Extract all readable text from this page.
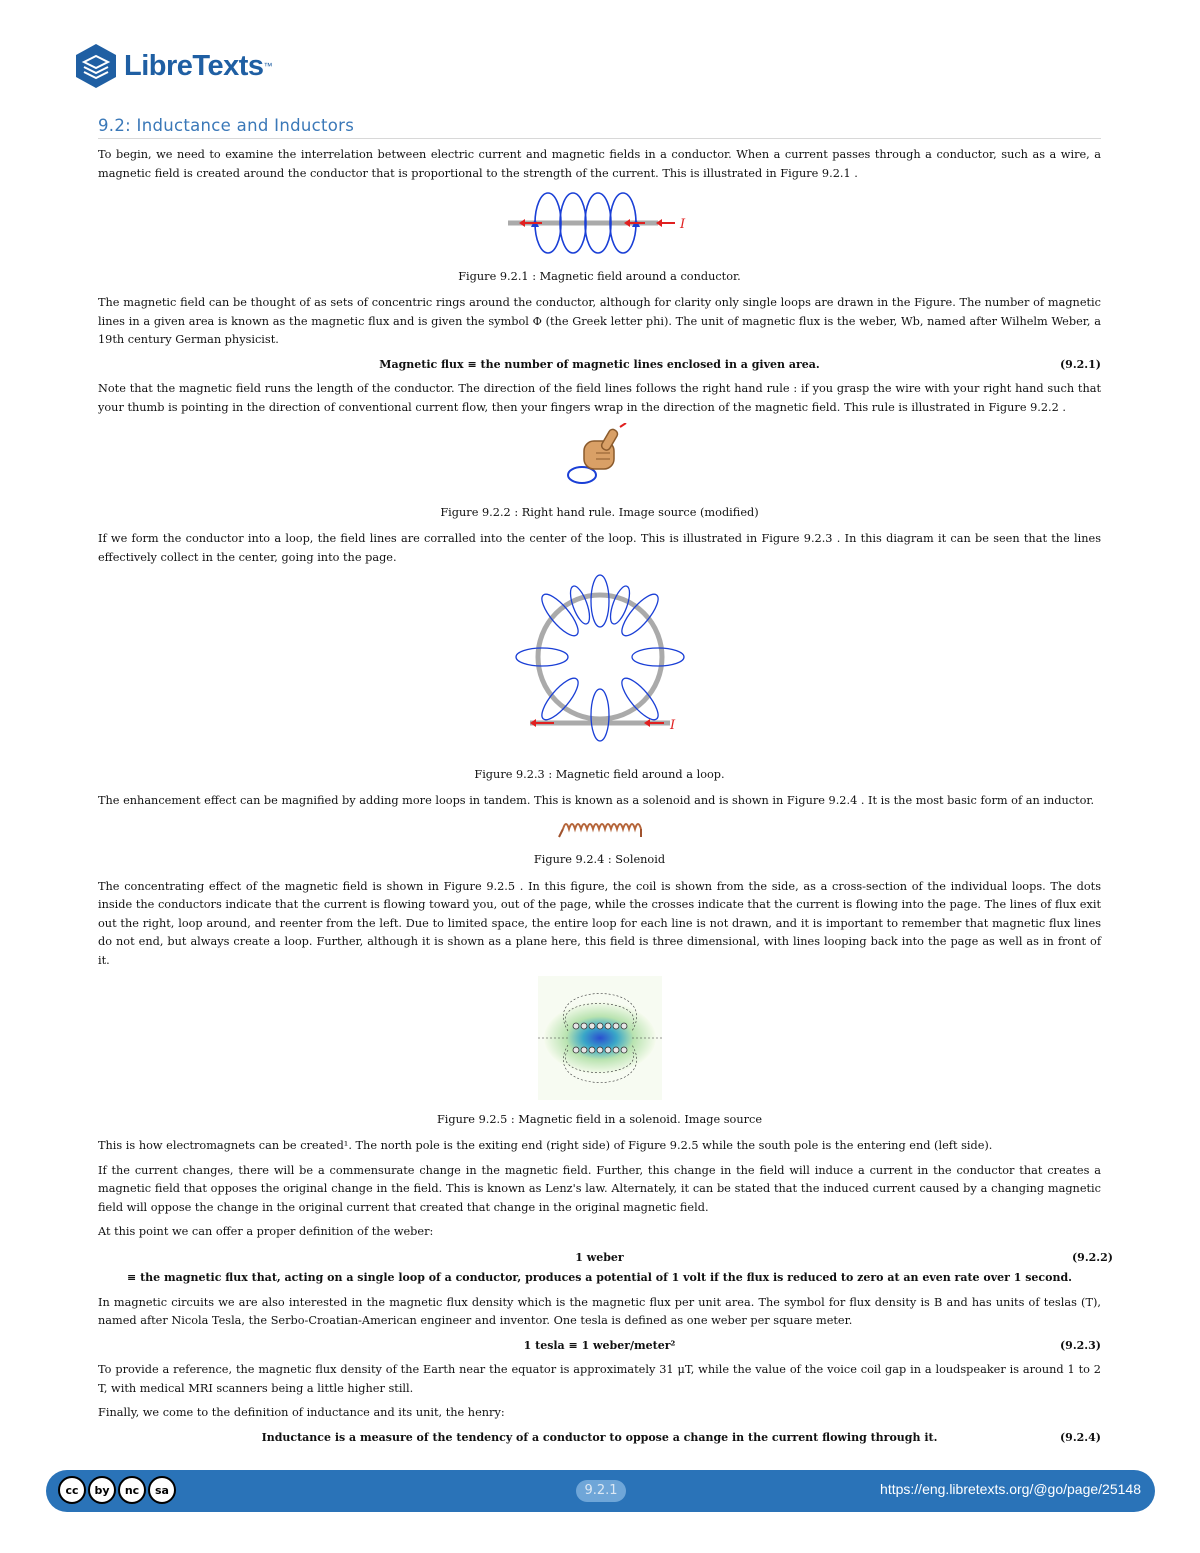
LibreTexts ™
9.2: Inductance and Inductors

To begin, we need to examine the interrelation between electric current and magnetic fields in a conductor. When a current passes through a conductor, such as a wire, a magnetic field is created around the conductor that is proportional to the strength of the current. This is illustrated in Figure 9.2.1 .

I
Figure 9.2.1 : Magnetic field around a conductor.

The magnetic field can be thought of as sets of concentric rings around the conductor, although for clarity only single loops are drawn in the Figure. The number of magnetic lines in a given area is known as the magnetic flux and is given the symbol Φ (the Greek letter phi). The unit of magnetic flux is the weber, Wb, named after Wilhelm Weber, a 19th century German physicist.

Magnetic flux ≡ the number of magnetic lines enclosed in a given area.	(9.2.1)

Note that the magnetic field runs the length of the conductor. The direction of the field lines follows the right hand rule : if you grasp the wire with your right hand such that your thumb is pointing in the direction of conventional current flow, then your fingers wrap in the direction of the magnetic field. This rule is illustrated in Figure 9.2.2 .

Figure 9.2.2 : Right hand rule. Image source (modified)

If we form the conductor into a loop, the field lines are corralled into the center of the loop. This is illustrated in Figure 9.2.3 . In this diagram it can be seen that the lines effectively collect in the center, going into the page.

I
Figure 9.2.3 : Magnetic field around a loop.

The enhancement effect can be magnified by adding more loops in tandem. This is known as a solenoid and is shown in Figure 9.2.4 . It is the most basic form of an inductor.

Figure 9.2.4 : Solenoid

The concentrating effect of the magnetic field is shown in Figure 9.2.5 . In this figure, the coil is shown from the side, as a cross-section of the individual loops. The dots inside the conductors indicate that the current is flowing toward you, out of the page, while the crosses indicate that the current is flowing into the page. The lines of flux exit out the right, loop around, and reenter from the left. Due to limited space, the entire loop for each line is not drawn, and it is important to remember that magnetic flux lines do not end, but always create a loop. Further, although it is shown as a plane here, this field is three dimensional, with lines looping back into the page as well as in front of it.

Figure 9.2.5 : Magnetic field in a solenoid. Image source

This is how electromagnets can be created¹. The north pole is the exiting end (right side) of Figure 9.2.5 while the south pole is the entering end (left side).

If the current changes, there will be a commensurate change in the magnetic field. Further, this change in the field will induce a current in the conductor that creates a magnetic field that opposes the original change in the field. This is known as Lenz's law. Alternately, it can be stated that the induced current caused by a changing magnetic field will oppose the change in the original current that created that change in the original magnetic field.

At this point we can offer a proper definition of the weber:

1 weber
≡ the magnetic flux that, acting on a single loop of a conductor, produces a potential of 1 volt if the flux is reduced to zero at an even rate over 1 second.
(9.2.2)

In magnetic circuits we are also interested in the magnetic flux density which is the magnetic flux per unit area. The symbol for flux density is B and has units of teslas (T), named after Nicola Tesla, the Serbo-Croatian-American engineer and inventor. One tesla is defined as one weber per square meter.

1 tesla ≡ 1 weber/meter²	(9.2.3)

To provide a reference, the magnetic flux density of the Earth near the equator is approximately 31 μT, while the value of the voice coil gap in a loudspeaker is around 1 to 2 T, with medical MRI scanners being a little higher still.

Finally, we come to the definition of inductance and its unit, the henry:

Inductance is a measure of the tendency of a conductor to oppose a change in the current flowing through it.	(9.2.4)
cc	by	nc	sa	9.2.1	https://eng.libretexts.org/@go/page/25148
